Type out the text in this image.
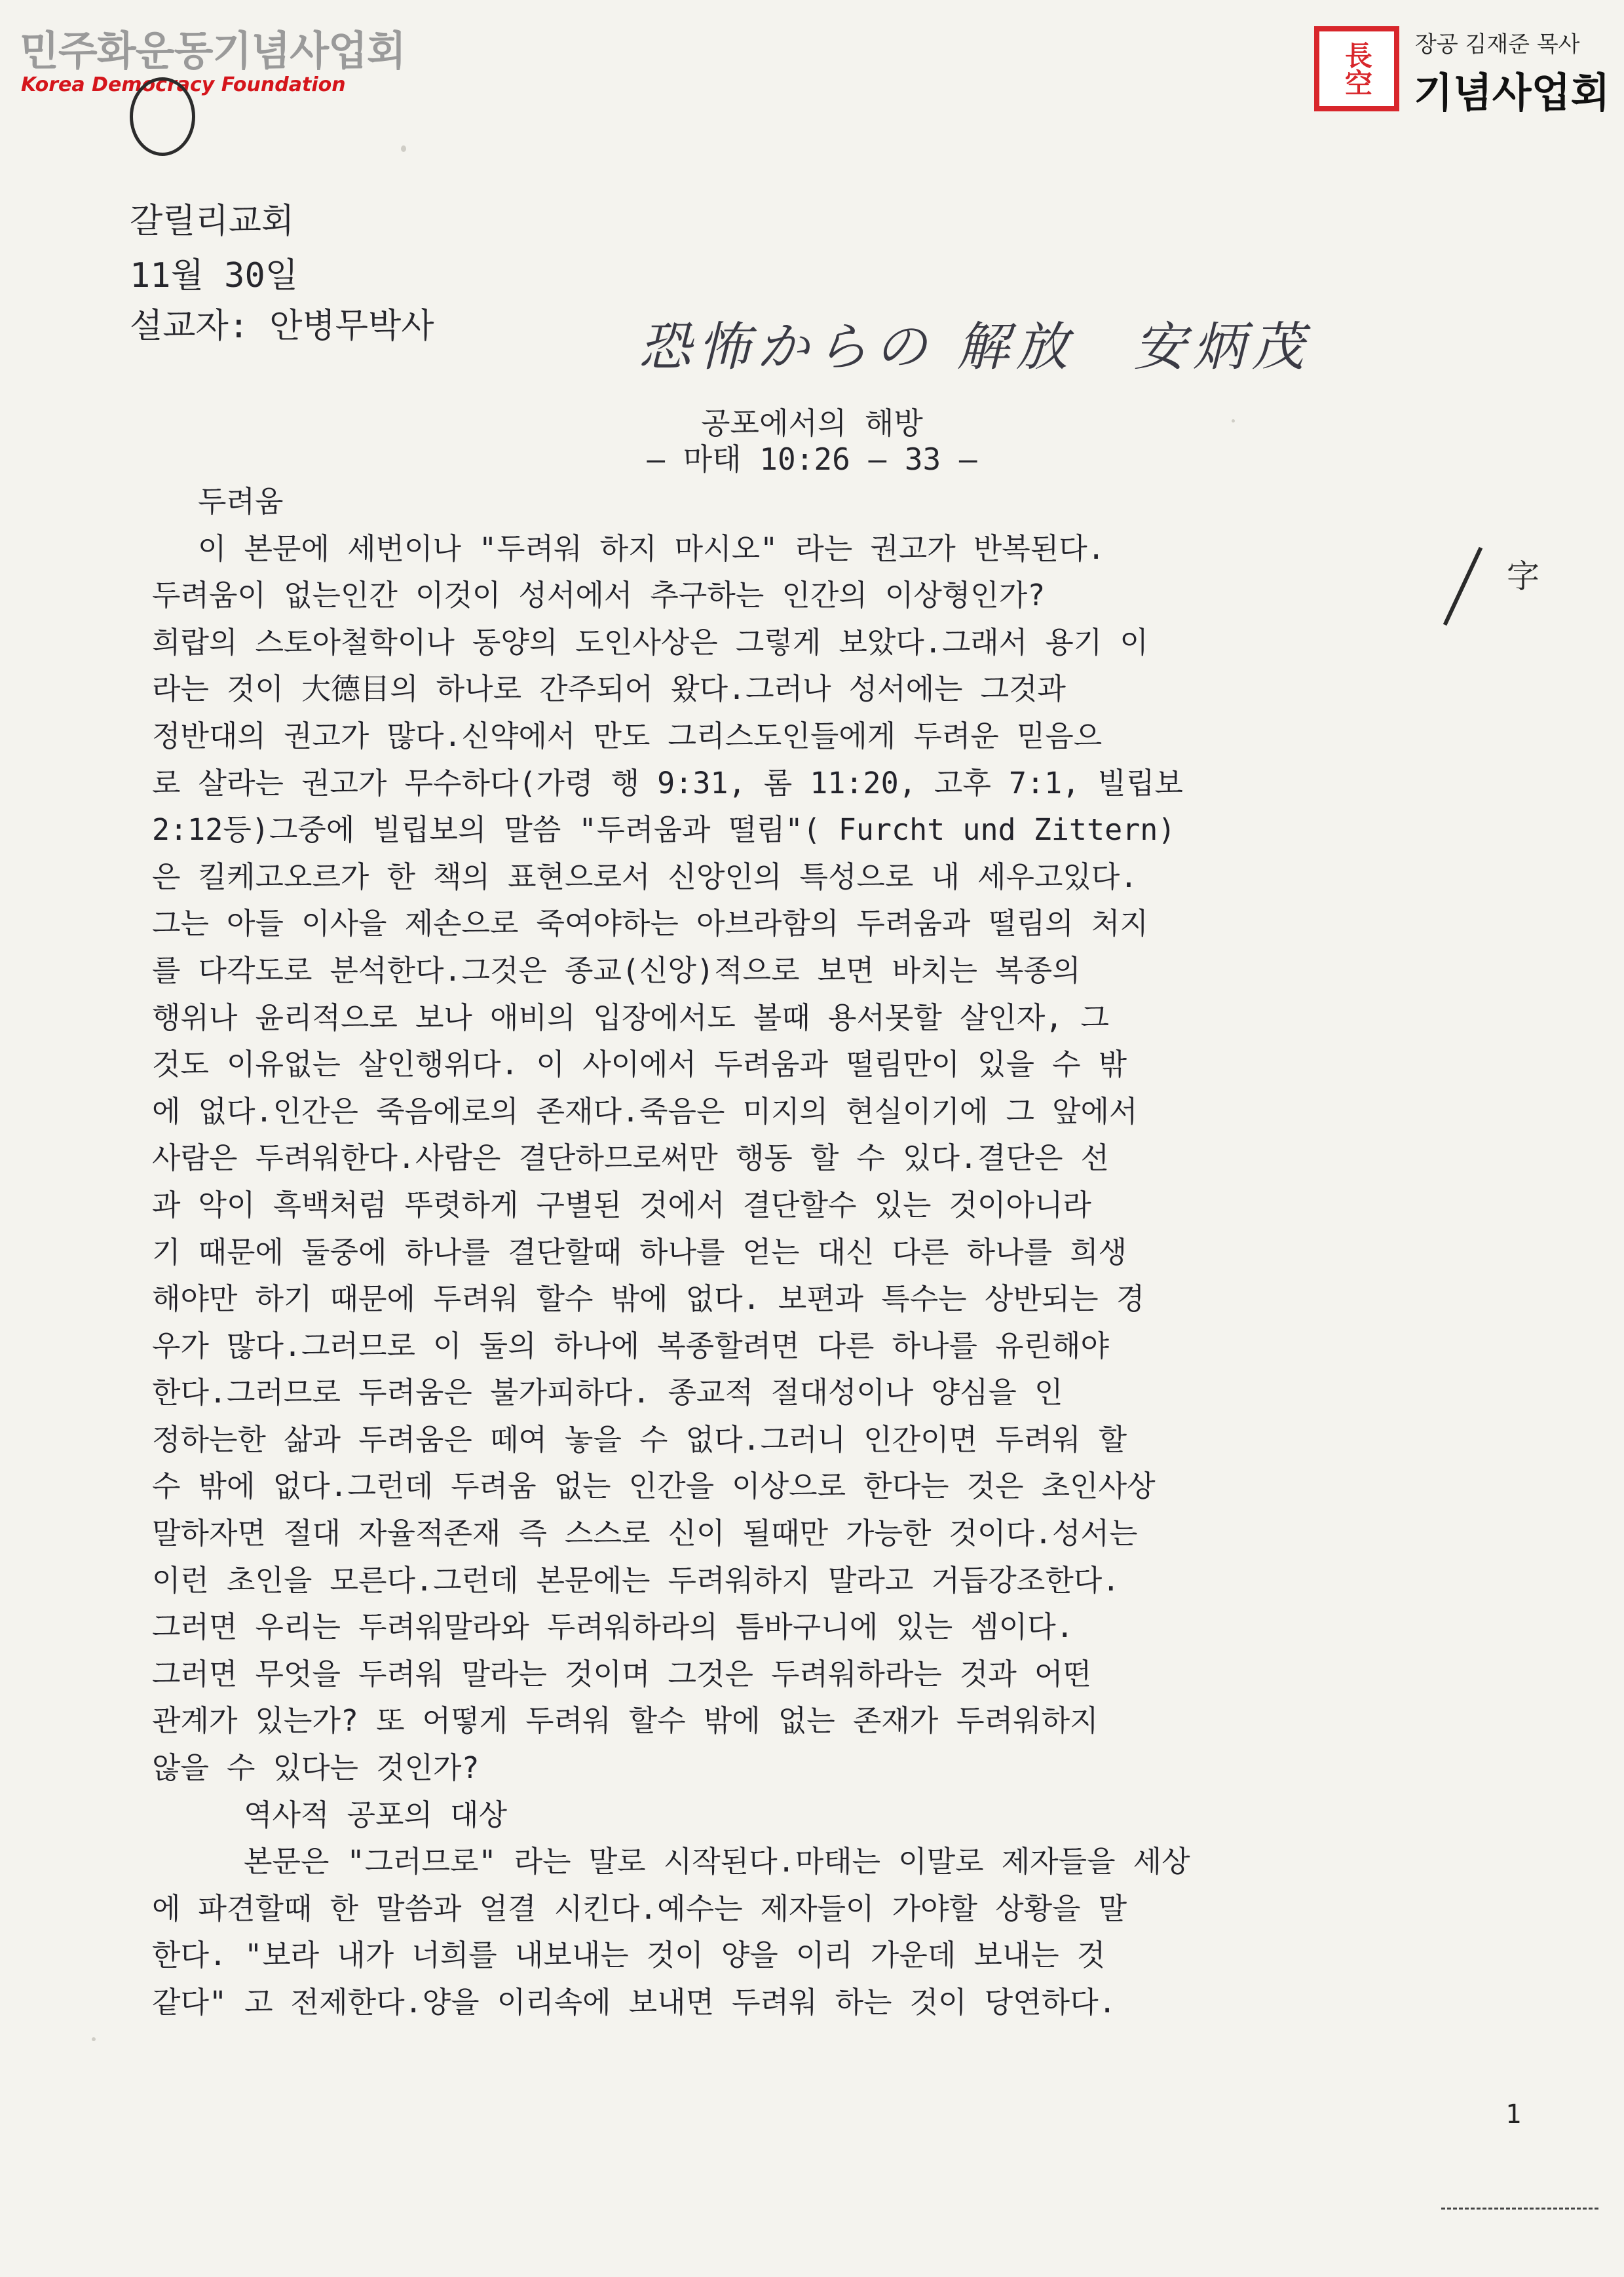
민주화운동기념사업회
Korea Democracy Foundation	長空	장공 김재준 목사
기념사업회
갈릴리교회
11월 30일
설교자: 안병무박사	恐怖からの 解放　安炳茂
공포에서의 해방
— 마태 10:26 — 33 —
字

두려움

이 본문에 세번이나 "두려워 하지 마시오" 라는 권고가 반복된다.

두려움이 없는인간 이것이 성서에서 추구하는 인간의 이상형인가?

희랍의 스토아철학이나 동양의 도인사상은 그렇게 보았다.그래서 용기 이

라는 것이 大德目의 하나로 간주되어 왔다.그러나 성서에는 그것과

정반대의 권고가 많다.신약에서 만도 그리스도인들에게 두려운 믿음으

로 살라는 권고가 무수하다(가령 행 9:31, 롬 11:20, 고후 7:1, 빌립보

2:12등)그중에 빌립보의 말씀 "두려움과 떨림"( Furcht und Zittern)

은 킬케고오르가 한 책의 표현으로서 신앙인의 특성으로 내 세우고있다.

그는 아들 이사을 제손으로 죽여야하는 아브라함의 두려움과 떨림의 처지

를 다각도로 분석한다.그것은 종교(신앙)적으로 보면 바치는 복종의

행위나 윤리적으로 보나 애비의 입장에서도 볼때 용서못할 살인자, 그

것도 이유없는 살인행위다. 이 사이에서 두려움과 떨림만이 있을 수 밖

에 없다.인간은 죽음에로의 존재다.죽음은 미지의 현실이기에 그 앞에서

사람은 두려워한다.사람은 결단하므로써만 행동 할 수 있다.결단은 선

과 악이 흑백처럼 뚜렷하게 구별된 것에서 결단할수 있는 것이아니라

기 때문에 둘중에 하나를 결단할때 하나를 얻는 대신 다른 하나를 희생

해야만 하기 때문에 두려워 할수 밖에 없다. 보편과 특수는 상반되는 경

우가 많다.그러므로 이 둘의 하나에 복종할려면 다른 하나를 유린해야

한다.그러므로 두려움은 불가피하다. 종교적 절대성이나 양심을 인

정하는한 삶과 두려움은 떼여 놓을 수 없다.그러니 인간이면 두려워 할

수 밖에 없다.그런데 두려움 없는 인간을 이상으로 한다는 것은 초인사상

말하자면 절대 자율적존재 즉 스스로 신이 될때만 가능한 것이다.성서는

이런 초인을 모른다.그런데 본문에는 두려워하지 말라고 거듭강조한다.

그러면 우리는 두려워말라와 두려워하라의 틈바구니에 있는 셈이다.

그러면 무엇을 두려워 말라는 것이며 그것은 두려워하라는 것과 어떤

관계가 있는가? 또 어떻게 두려워 할수 밖에 없는 존재가 두려워하지

않을 수 있다는 것인가?

역사적 공포의 대상

본문은 "그러므로" 라는 말로 시작된다.마태는 이말로 제자들을 세상

에 파견할때 한 말씀과 얼결 시킨다.예수는 제자들이 가야할 상황을 말

한다. "보라 내가 너희를 내보내는 것이 양을 이리 가운데 보내는 것

같다" 고 전제한다.양을 이리속에 보내면 두려워 하는 것이 당연하다.

1
